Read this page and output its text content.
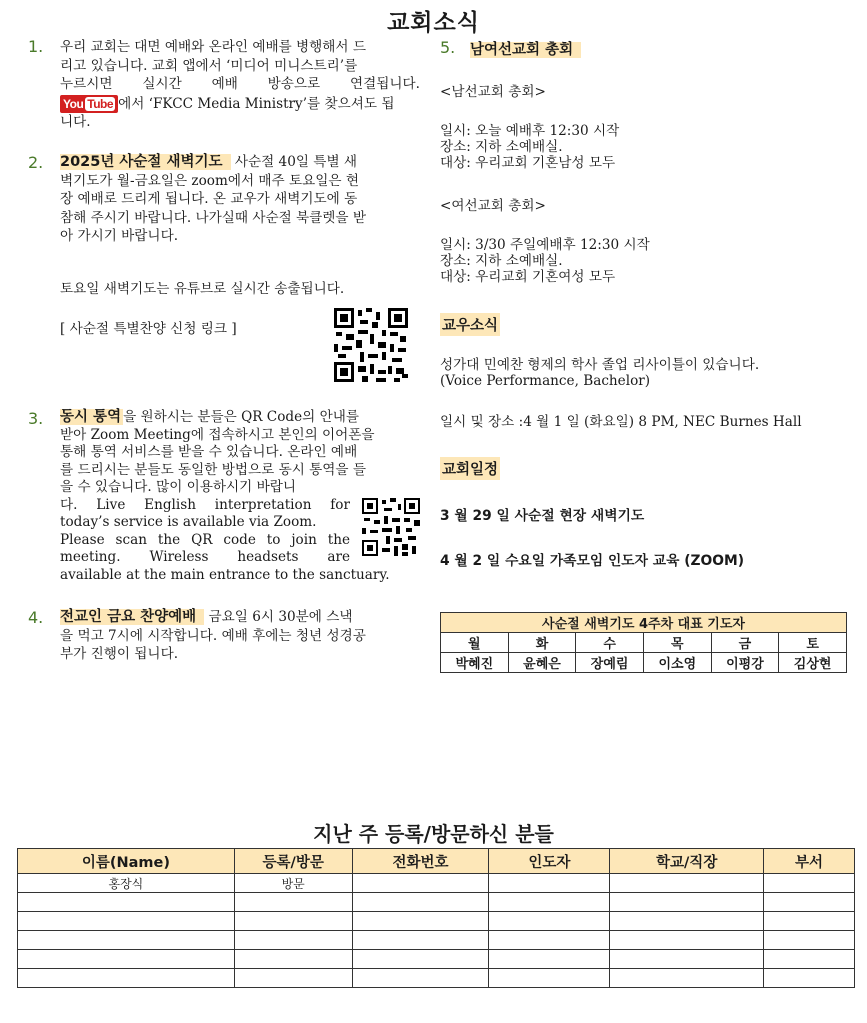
교회소식
1. 우리 교회는 대면 예배와 온라인 예배를 병행해서 드
리고 있습니다. 교회 앱에서 ‘미디어 미니스트리’를
누르시면 실시간 예배 방송으로 연결됩니다.
You Tube 에서 ‘FKCC Media Ministry’를 찾으셔도 됩
니다.
2. 2025년 사순절 새벽기도 사순절 40일 특별 새
벽기도가 월-금요일은 zoom에서 매주 토요일은 현
장 예배로 드리게 됩니다. 온 교우가 새벽기도에 동
참해 주시기 바랍니다. 나가실때 사순절 북클렛을 받
아 가시기 바랍니다.
토요일 새벽기도는 유튜브로 실시간 송출됩니다.
[ 사순절 특별찬양 신청 링크 ]
3. 동시 통역 을 원하시는 분들은 QR Code의 안내를
받아 Zoom Meeting에 접속하시고 본인의 이어폰을
통해 통역 서비스를 받을 수 있습니다. 온라인 예배
를 드리시는 분들도 동일한 방법으로 동시 통역을 들
을 수 있습니다. 많이 이용하시기 바랍니
다. Live English interpretation for
today’s service is available via Zoom.
Please scan the QR code to join the
meeting. Wireless headsets are
available at the main entrance to the sanctuary.
4. 전교인 금요 찬양예배 금요일 6시 30분에 스낵
을 먹고 7시에 시작합니다. 예배 후에는 청년 성경공
부가 진행이 됩니다.
5. 남여선교회 총회
<남선교회 총회>
일시: 오늘 예배후 12:30 시작
장소: 지하 소예배실.
대상: 우리교회 기혼남성 모두
<여선교회 총회>
일시: 3/30 주일예배후 12:30 시작
장소: 지하 소예배실.
대상: 우리교회 기혼여성 모두
교우소식
성가대 민예찬 형제의 학사 졸업 리사이틀이 있습니다.
(Voice Performance, Bachelor)
일시 및 장소 :4 월 1 일 (화요일) 8 PM, NEC Burnes Hall
교회일정
3 월 29 일 사순절 현장 새벽기도
4 월 2 일 수요일 가족모임 인도자 교육 (ZOOM)
사순절 새벽기도 4주차 대표 기도자					
월	화	수	목	금	토
박혜진	윤혜은	장예림	이소영	이평강	김상현
지난 주 등록/방문하신 분들
이름(Name)	등록/방문	전화번호	인도자	학교/직장	부서
홍장식	방문				
